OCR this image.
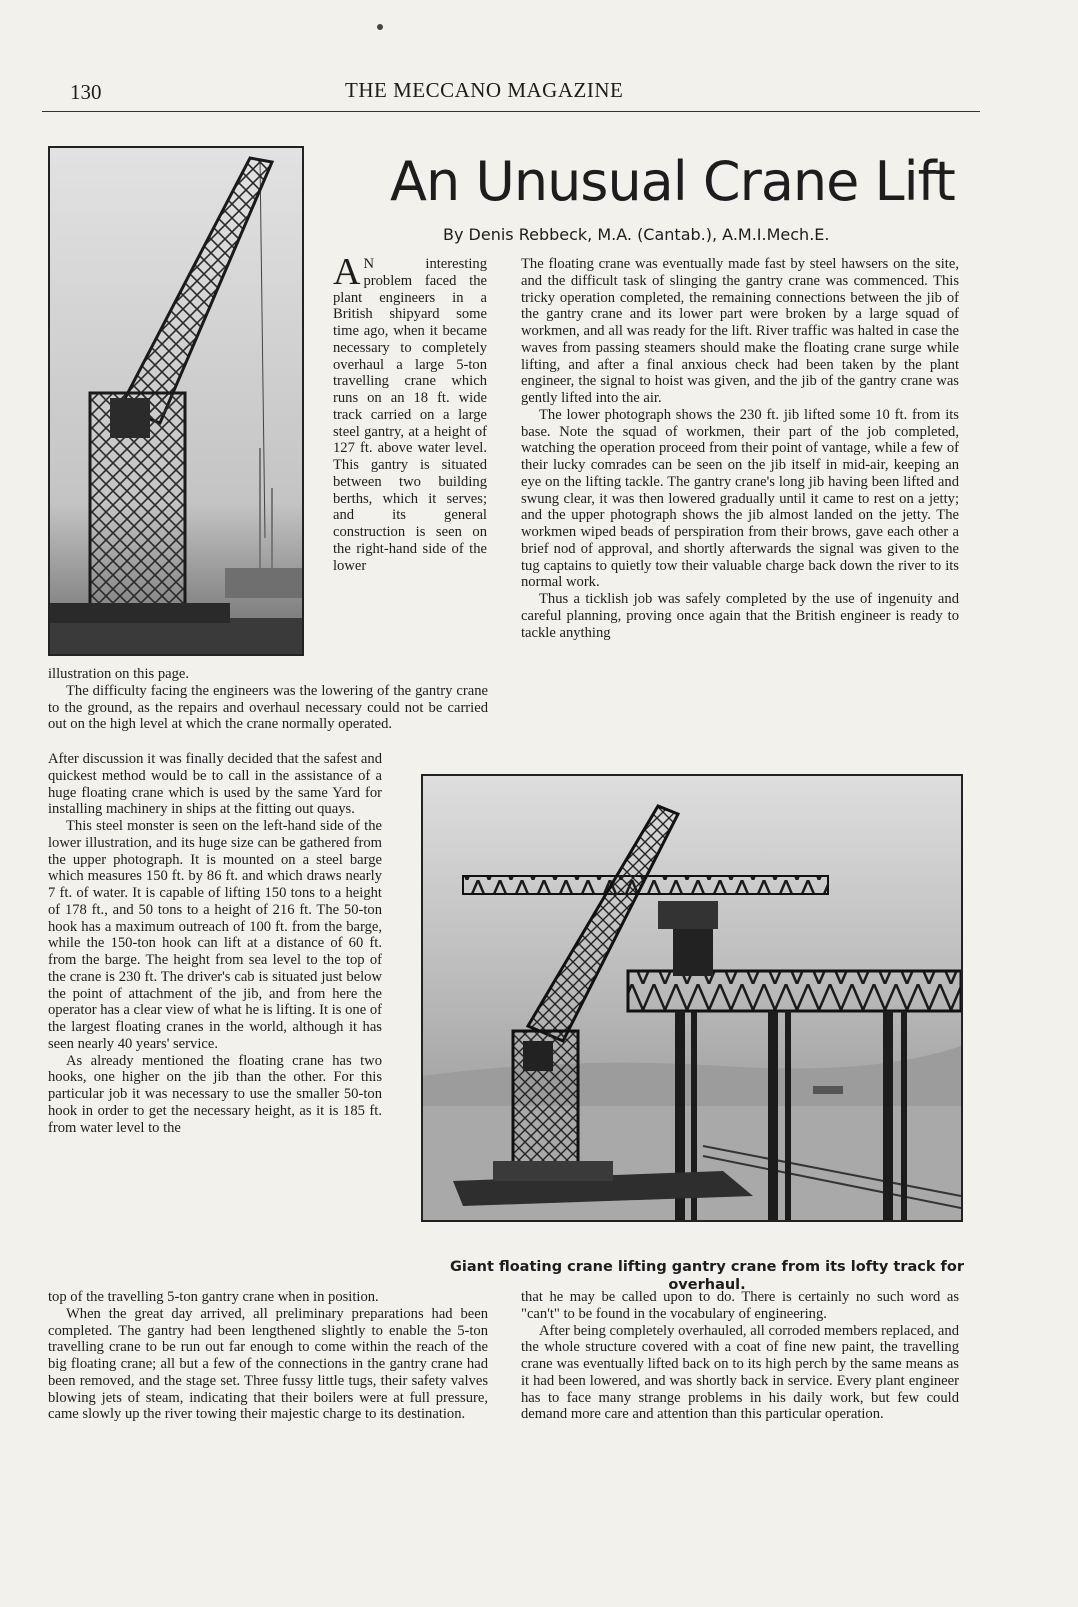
130	THE MECCANO MAGAZINE
An Unusual Crane Lift
By Denis Rebbeck, M.A. (Cantab.), A.M.I.Mech.E.

A N interesting problem faced the plant engineers in a British shipyard some time ago, when it became necessary to completely overhaul a large 5-ton travelling crane which runs on an 18 ft. wide track carried on a large steel gantry, at a height of 127 ft. above water level. This gantry is situated between two building berths, which it serves; and its general construction is seen on the right-hand side of the lower

illustration on this page.

The difficulty facing the engineers was the lowering of the gantry crane to the ground, as the repairs and overhaul necessary could not be carried out on the high level at which the crane normally operated.

After discussion it was finally decided that the safest and quickest method would be to call in the assistance of a huge floating crane which is used by the same Yard for installing machinery in ships at the fitting out quays.

This steel monster is seen on the left-hand side of the lower illustration, and its huge size can be gathered from the upper photograph. It is mounted on a steel barge which measures 150 ft. by 86 ft. and which draws nearly 7 ft. of water. It is capable of lifting 150 tons to a height of 178 ft., and 50 tons to a height of 216 ft. The 50-ton hook has a maximum outreach of 100 ft. from the barge, while the 150-ton hook can lift at a distance of 60 ft. from the barge. The height from sea level to the top of the crane is 230 ft. The driver's cab is situated just below the point of attachment of the jib, and from here the operator has a clear view of what he is lifting. It is one of the largest floating cranes in the world, although it has seen nearly 40 years' service.

As already mentioned the floating crane has two hooks, one higher on the jib than the other. For this particular job it was necessary to use the smaller 50-ton hook in order to get the necessary height, as it is 185 ft. from water level to the

top of the travelling 5-ton gantry crane when in position.

When the great day arrived, all preliminary preparations had been completed. The gantry had been lengthened slightly to enable the 5-ton travelling crane to be run out far enough to come within the reach of the big floating crane; all but a few of the connections in the gantry crane had been removed, and the stage set. Three fussy little tugs, their safety valves blowing jets of steam, indicating that their boilers were at full pressure, came slowly up the river towing their majestic charge to its destination.

The floating crane was eventually made fast by steel hawsers on the site, and the difficult task of slinging the gantry crane was commenced. This tricky operation completed, the remaining connections between the jib of the gantry crane and its lower part were broken by a large squad of workmen, and all was ready for the lift. River traffic was halted in case the waves from passing steamers should make the floating crane surge while lifting, and after a final anxious check had been taken by the plant engineer, the signal to hoist was given, and the jib of the gantry crane was gently lifted into the air.

The lower photograph shows the 230 ft. jib lifted some 10 ft. from its base. Note the squad of workmen, their part of the job completed, watching the operation proceed from their point of vantage, while a few of their lucky comrades can be seen on the jib itself in mid-air, keeping an eye on the lifting tackle. The gantry crane's long jib having been lifted and swung clear, it was then lowered gradually until it came to rest on a jetty; and the upper photograph shows the jib almost landed on the jetty. The workmen wiped beads of perspiration from their brows, gave each other a brief nod of approval, and shortly afterwards the signal was given to the tug captains to quietly tow their valuable charge back down the river to its normal work.

Thus a ticklish job was safely completed by the use of ingenuity and careful planning, proving once again that the British engineer is ready to tackle anything

Giant floating crane lifting gantry crane from its lofty track for overhaul.

that he may be called upon to do. There is certainly no such word as "can't" to be found in the vocabulary of engineering.

After being completely overhauled, all corroded members replaced, and the whole structure covered with a coat of fine new paint, the travelling crane was eventually lifted back on to its high perch by the same means as it had been lowered, and was shortly back in service. Every plant engineer has to face many strange problems in his daily work, but few could demand more care and attention than this particular operation.
